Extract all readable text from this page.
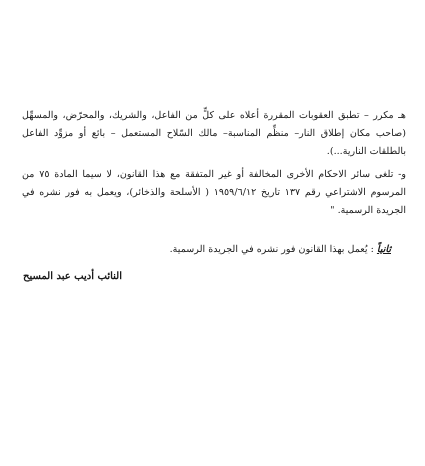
هـ مكرر – تطبق العقوبات المقررة أعلاه على كلٍّ من الفاعل، والشريك، والمحرّض، والمسهِّل (صاحب مكان إطلاق النار– منظِّم المناسبة– مالك السّلاح المستعمل – بائع أو مزوِّد الفاعل بالطلقات النارية...).

و- تلغى سائر الاحكام الأخرى المخالفة أو غير المتفقة مع هذا القانون، لا سيما المادة ٧٥ من المرسوم الاشتراعي رقم ١٣٧ تاريخ ١٩٥٩/٦/١٢ ( الأسلحة والذخائر)، ويعمل به فور نشره في الجريدة الرسمية. "

ثانياً : يُعمل بهذا القانون فور نشره في الجريدة الرسمية.

النائب أديب عبد المسيح
